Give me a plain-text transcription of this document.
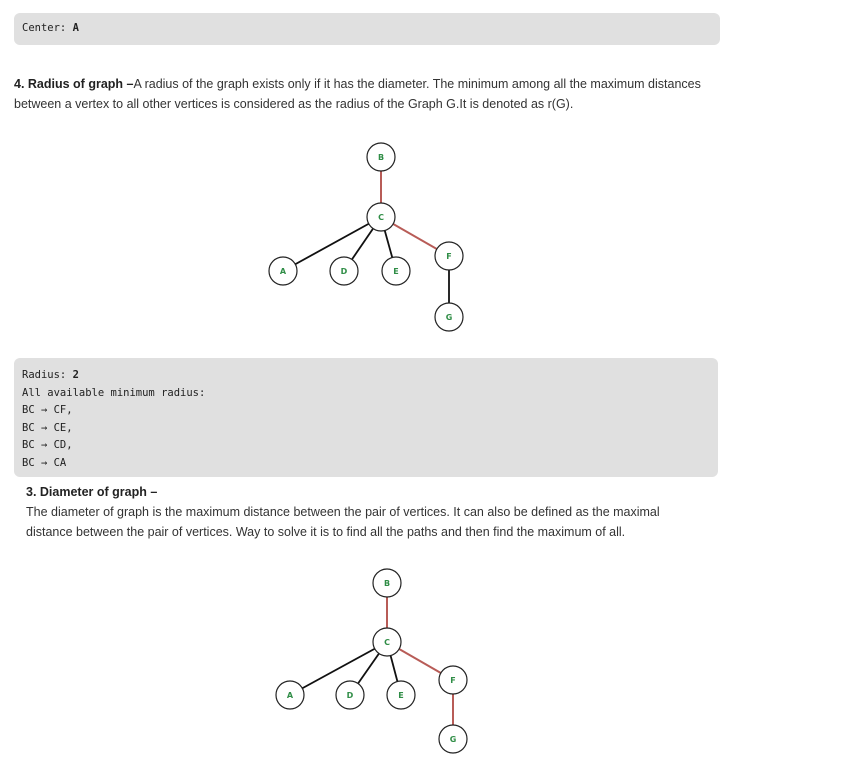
Center: A
4. Radius of graph –A radius of the graph exists only if it has the diameter. The minimum among all the maximum distances between a vertex to all other vertices is considered as the radius of the Graph G.It is denoted as r(G).
B
C
F
A	D	E
G
Radius: 2
All available minimum radius:
BC → CF,
BC → CE,
BC → CD,
BC → CA
3. Diameter of graph –
The diameter of graph is the maximum distance between the pair of vertices. It can also be defined as the maximal distance between the pair of vertices. Way to solve it is to find all the paths and then find the maximum of all.
B
C
F
A	D	E
G
